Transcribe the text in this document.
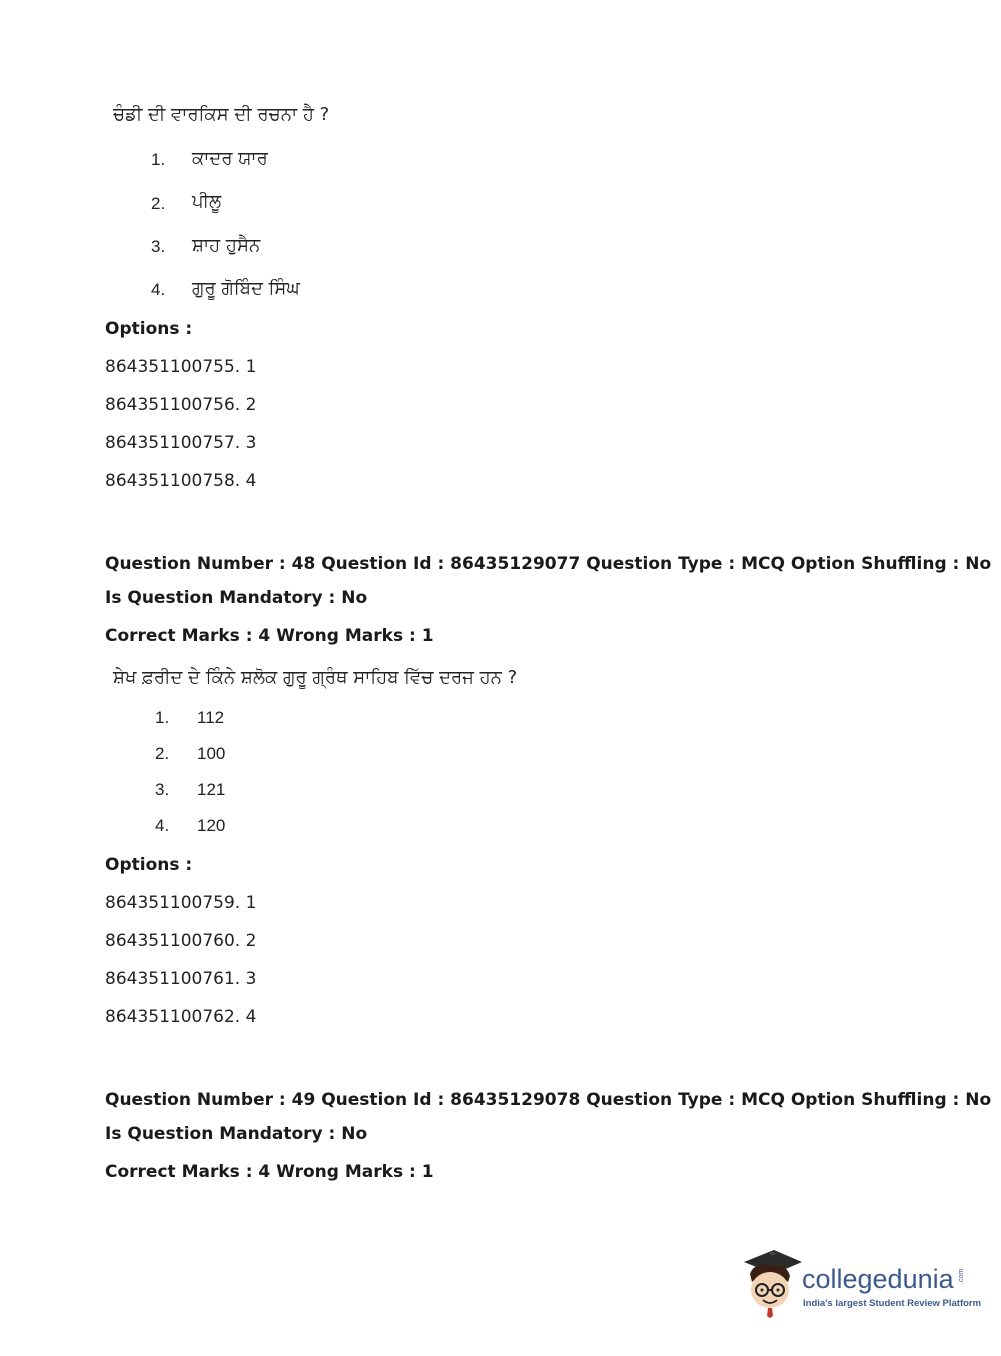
ਚੰਡੀ ਦੀ ਵਾਰਕਿਸ ਦੀ ਰਚਨਾ ਹੈ ?
1. ਕਾਦਰ ਯਾਰ
2. ਪੀਲੂ
3. ਸ਼ਾਹ ਹੁਸੈਨ
4. ਗੁਰੂ ਗੋਬਿੰਦ ਸਿੰਘ
Options :
864351100755. 1
864351100756. 2
864351100757. 3
864351100758. 4
Question Number : 48 Question Id : 86435129077 Question Type : MCQ Option Shuffling : No
Is Question Mandatory : No
Correct Marks : 4 Wrong Marks : 1
ਸ਼ੇਖ ਫ਼ਰੀਦ ਦੇ ਕਿੰਨੇ ਸ਼ਲੋਕ ਗੁਰੂ ਗ੍ਰੰਥ ਸਾਹਿਬ ਵਿੱਚ ਦਰਜ ਹਨ ?
1. 112
2. 100
3. 121
4. 120
Options :
864351100759. 1
864351100760. 2
864351100761. 3
864351100762. 4
Question Number : 49 Question Id : 86435129078 Question Type : MCQ Option Shuffling : No
Is Question Mandatory : No
Correct Marks : 4 Wrong Marks : 1
collegedunia .com
India's largest Student Review Platform
